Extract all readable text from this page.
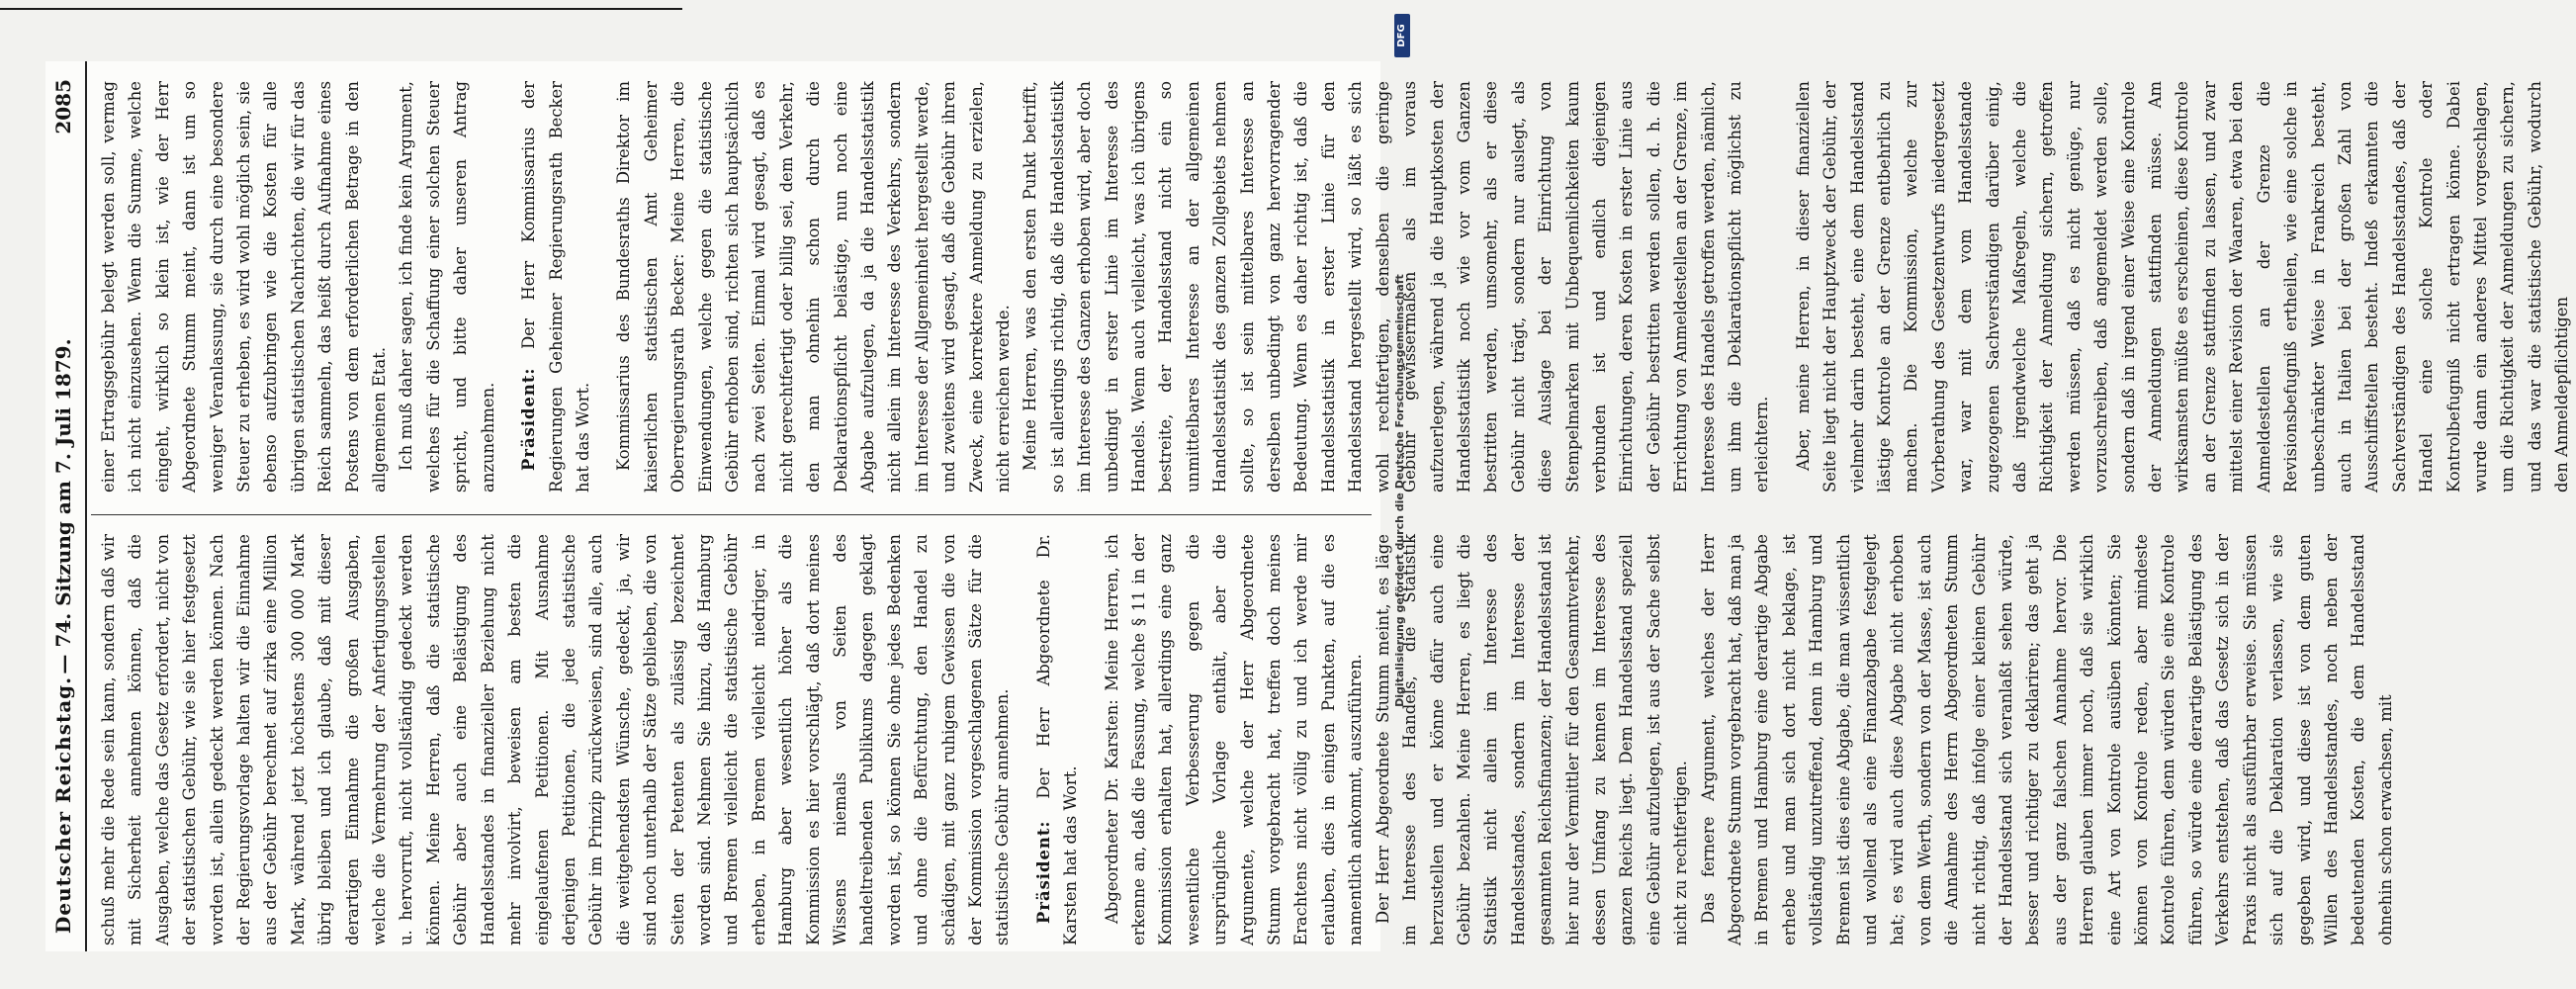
Deutscher Reichstag.
— 74. Sitzung am 7. Juli 1879.
2085

schuß mehr die Rede sein kann, sondern daß wir mit Sicherheit annehmen können, daß die Ausgaben, welche das Gesetz erfordert, nicht von der statistischen Gebühr, wie sie hier festgesetzt worden ist, allein gedeckt werden können. Nach der Regierungsvorlage halten wir die Einnahme aus der Gebühr berechnet auf zirka eine Million Mark, während jetzt höchstens 300 000 Mark übrig bleiben und ich glaube, daß mit dieser derartigen Einnahme die großen Ausgaben, welche die Vermehrung der Anfertigungsstellen u. hervorruft, nicht vollständig gedeckt werden können. Meine Herren, daß die statistische Gebühr aber auch eine Belästigung des Handelsstandes in finanzieller Beziehung nicht mehr involvirt, beweisen am besten die eingelaufenen Petitionen. Mit Ausnahme derjenigen Petitionen, die jede statistische Gebühr im Prinzip zurückweisen, sind alle, auch die weitgehendsten Wünsche, gedeckt, ja, wir sind noch unterhalb der Sätze geblieben, die von Seiten der Petenten als zulässig bezeichnet worden sind. Nehmen Sie hinzu, daß Hamburg und Bremen vielleicht die statistische Gebühr erheben, in Bremen vielleicht niedriger, in Hamburg aber wesentlich höher als die Kommission es hier vorschlägt, daß dort meines Wissens niemals von Seiten des handeltreibenden Publikums dagegen geklagt worden ist, so können Sie ohne jedes Bedenken und ohne die Befürchtung, den Handel zu schädigen, mit ganz ruhigem Gewissen die von der Kommission vorgeschlagenen Sätze für die statistische Gebühr annehmen. Präsident: Der Herr Abgeordnete Dr. Karsten hat das Wort. Abgeordneter Dr. Karsten: Meine Herren, ich erkenne an, daß die Fassung, welche § 11 in der Kommission erhalten hat, allerdings eine ganz wesentliche Verbesserung gegen die ursprüngliche Vorlage enthält, aber die Argumente, welche der Herr Abgeordnete Stumm vorgebracht hat, treffen doch meines Erachtens nicht völlig zu und ich werde mir erlauben, dies in einigen Punkten, auf die es namentlich ankommt, auszuführen. Der Herr Abgeordnete Stumm meint, es läge im Interesse des Handels, die Statistik herzustellen und er könne dafür auch eine Gebühr bezahlen. Meine Herren, es liegt die Statistik nicht allein im Interesse des Handelsstandes, sondern im Interesse der gesammten Reichsfinanzen; der Handelsstand ist hier nur der Vermittler für den Gesammtverkehr, dessen Umfang zu kennen im Interesse des ganzen Reichs liegt. Dem Handelsstand speziell eine Gebühr aufzulegen, ist aus der Sache selbst nicht zu rechtfertigen. Das fernere Argument, welches der Herr Abgeordnete Stumm vorgebracht hat, daß man ja in Bremen und Hamburg eine derartige Abgabe erhebe und man sich dort nicht beklage, ist vollständig unzutreffend, denn in Hamburg und Bremen ist dies eine Abgabe, die man wissentlich und wollend als eine Finanzabgabe festgelegt hat; es wird auch diese Abgabe nicht erhoben von dem Werth, sondern von der Masse, ist auch die Annahme des Herrn Abgeordneten Stumm nicht richtig, daß infolge einer kleinen Gebühr der Handelsstand sich veranlaßt sehen würde, besser und richtiger zu deklariren; das geht ja aus der ganz falschen Annahme hervor. Die Herren glauben immer noch, daß sie wirklich eine Art von Kontrole ausüben könnten; Sie können von Kontrole reden, aber mindeste Kontrole führen, denn würden Sie eine Kontrole führen, so würde eine derartige Belästigung des Verkehrs entstehen, daß das Gesetz sich in der Praxis nicht als ausführbar erweise. Sie müssen sich auf die Deklaration verlassen, wie sie gegeben wird, und diese ist von dem guten Willen des Handelsstandes, noch neben der bedeutenden Kosten, die dem Handelsstand ohnehin schon erwachsen, mit

einer Ertragsgebühr belegt werden soll, vermag ich nicht einzusehen. Wenn die Summe, welche eingeht, wirklich so klein ist, wie der Herr Abgeordnete Stumm meint, dann ist um so weniger Veranlassung, sie durch eine besondere Steuer zu erheben, es wird wohl möglich sein, sie ebenso aufzubringen wie die Kosten für alle übrigen statistischen Nachrichten, die wir für das Reich sammeln, das heißt durch Aufnahme eines Postens von dem erforderlichen Betrage in den allgemeinen Etat. Ich muß daher sagen, ich finde kein Argument, welches für die Schaffung einer solchen Steuer spricht, und bitte daher unseren Antrag anzunehmen. Präsident: Der Herr Kommissarius der Regierungen Geheimer Regierungsrath Becker hat das Wort. Kommissarius des Bundesraths Direktor im kaiserlichen statistischen Amt Geheimer Oberregierungsrath Becker: Meine Herren, die Einwendungen, welche gegen die statistische Gebühr erhoben sind, richten sich hauptsächlich nach zwei Seiten. Einmal wird gesagt, daß es nicht gerechtfertigt oder billig sei, dem Verkehr, den man ohnehin schon durch die Deklarationspflicht belästige, nun noch eine Abgabe aufzulegen, da ja die Handelsstatistik nicht allein im Interesse des Verkehrs, sondern im Interesse der Allgemeinheit hergestellt werde, und zweitens wird gesagt, daß die Gebühr ihren Zweck, eine korrektere Anmeldung zu erzielen, nicht erreichen werde. Meine Herren, was den ersten Punkt betrifft, so ist allerdings richtig, daß die Handelsstatistik im Interesse des Ganzen erhoben wird, aber doch unbedingt in erster Linie im Interesse des Handels. Wenn auch vielleicht, was ich übrigens bestreite, der Handelsstand nicht ein so unmittelbares Interesse an der allgemeinen Handelsstatistik des ganzen Zollgebiets nehmen sollte, so ist sein mittelbares Interesse an derselben unbedingt von ganz hervorragender Bedeutung. Wenn es daher richtig ist, daß die Handelsstatistik in erster Linie für den Handelsstand hergestellt wird, so läßt es sich wohl rechtfertigen, denselben die geringe Gebühr gewissermaßen als im voraus aufzuerlegen, während ja die Hauptkosten der Handelsstatistik noch wie vor vom Ganzen bestritten werden, umsomehr, als er diese Gebühr nicht trägt, sondern nur auslegt, als diese Auslage bei der Einrichtung von Stempelmarken mit Unbequemlichkeiten kaum verbunden ist und endlich diejenigen Einrichtungen, deren Kosten in erster Linie aus der Gebühr bestritten werden sollen, d. h. die Errichtung von Anmeldestellen an der Grenze, im Interesse des Handels getroffen werden, nämlich, um ihm die Deklarationspflicht möglichst zu erleichtern. Aber, meine Herren, in dieser finanziellen Seite liegt nicht der Hauptzweck der Gebühr, der vielmehr darin besteht, eine dem Handelsstand lästige Kontrole an der Grenze entbehrlich zu machen. Die Kommission, welche zur Vorberathung des Gesetzentwurfs niedergesetzt war, war mit dem vom Handelsstande zugezogenen Sachverständigen darüber einig, daß irgendwelche Maßregeln, welche die Richtigkeit der Anmeldung sichern, getroffen werden müssen, daß es nicht genüge, nur vorzuschreiben, daß angemeldet werden solle, sondern daß in irgend einer Weise eine Kontrole der Anmeldungen stattfinden müsse. Am wirksamsten müßte es erscheinen, diese Kontrole an der Grenze stattfinden zu lassen, und zwar mittelst einer Revision der Waaren, etwa bei den Anmeldestellen an der Grenze die Revisionsbefugniß ertheilen, wie eine solche in unbeschränkter Weise in Frankreich besteht, auch in Italien bei der großen Zahl von Ausschiffstellen besteht. Indeß erkannten die Sachverständigen des Handelsstandes, daß der Handel eine solche Kontrole oder Kontrolbefugniß nicht ertragen könne. Dabei wurde dann ein anderes Mittel vorgeschlagen, um die Richtigkeit der Anmeldungen zu sichern, und das war die statistische Gebühr, wodurch den Anmeldepflichtigen

Digitalisierung gefördert durch die Deutsche Forschungsgemeinschaft
DFG
